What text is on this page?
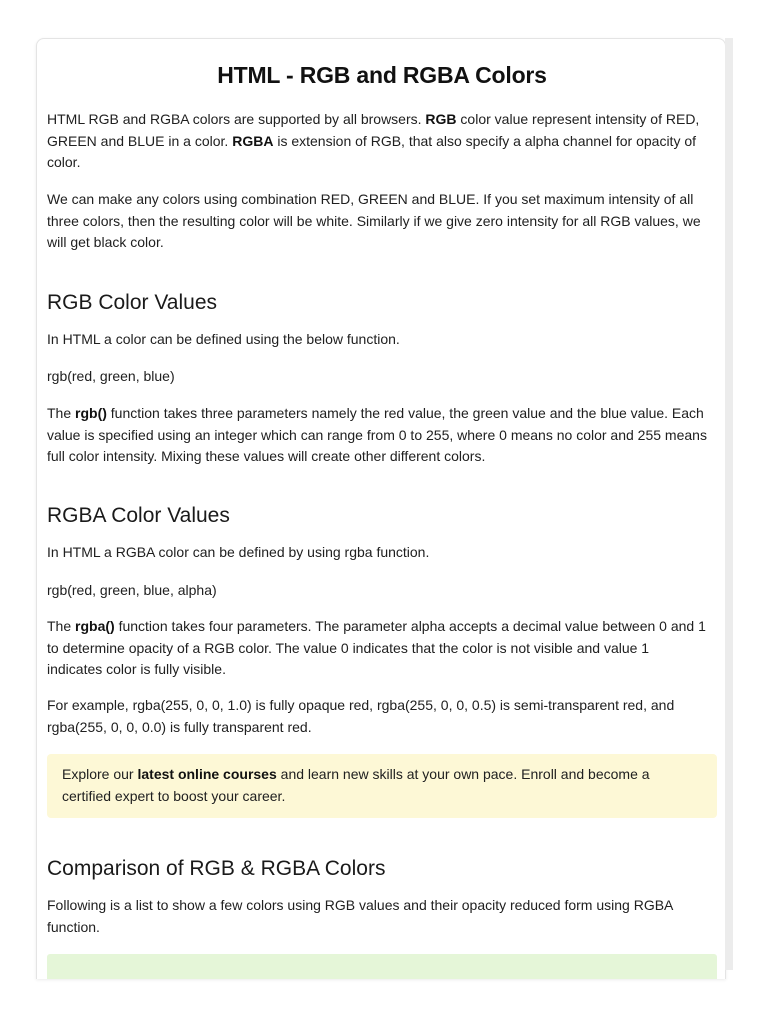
HTML - RGB and RGBA Colors

HTML RGB and RGBA colors are supported by all browsers. RGB color value represent intensity of RED, GREEN and BLUE in a color. RGBA is extension of RGB, that also specify a alpha channel for opacity of color.

We can make any colors using combination RED, GREEN and BLUE. If you set maximum intensity of all three colors, then the resulting color will be white. Similarly if we give zero intensity for all RGB values, we will get black color.

RGB Color Values

In HTML a color can be defined using the below function.

rgb(red, green, blue)

The rgb() function takes three parameters namely the red value, the green value and the blue value. Each value is specified using an integer which can range from 0 to 255, where 0 means no color and 255 means full color intensity. Mixing these values will create other different colors.

RGBA Color Values

In HTML a RGBA color can be defined by using rgba function.

rgb(red, green, blue, alpha)

The rgba() function takes four parameters. The parameter alpha accepts a decimal value between 0 and 1 to determine opacity of a RGB color. The value 0 indicates that the color is not visible and value 1 indicates color is fully visible.

For example, rgba(255, 0, 0, 1.0) is fully opaque red, rgba(255, 0, 0, 0.5) is semi-transparent red, and rgba(255, 0, 0, 0.0) is fully transparent red.

Explore our latest online courses and learn new skills at your own pace. Enroll and become a certified expert to boost your career.

Comparison of RGB & RGBA Colors

Following is a list to show a few colors using RGB values and their opacity reduced form using RGBA function.
